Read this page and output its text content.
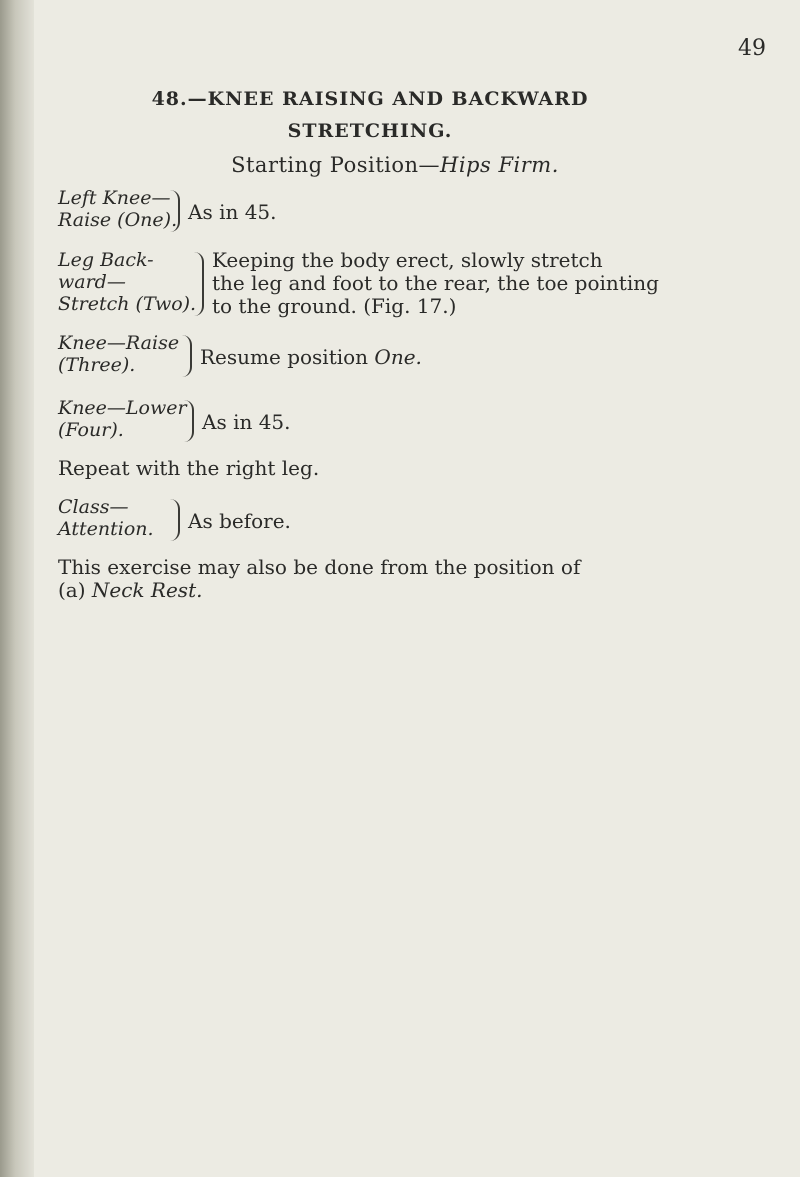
49
48.—KNEE RAISING AND BACKWARD
STRETCHING.
Starting Position—Hips Firm.
Left Knee—
Raise (One). As in 45.
Leg Back-
ward—
Stretch (Two).
Keeping the body erect, slowly stretch
the leg and foot to the rear, the toe pointing
to the ground. (Fig. 17.)
Knee—Raise
(Three).	Resume position One.
Knee—Lower
(Four).	As in 45.
Repeat with the right leg.
Class—
Attention. As before.
This exercise may also be done from the position of
(a) Neck Rest.
